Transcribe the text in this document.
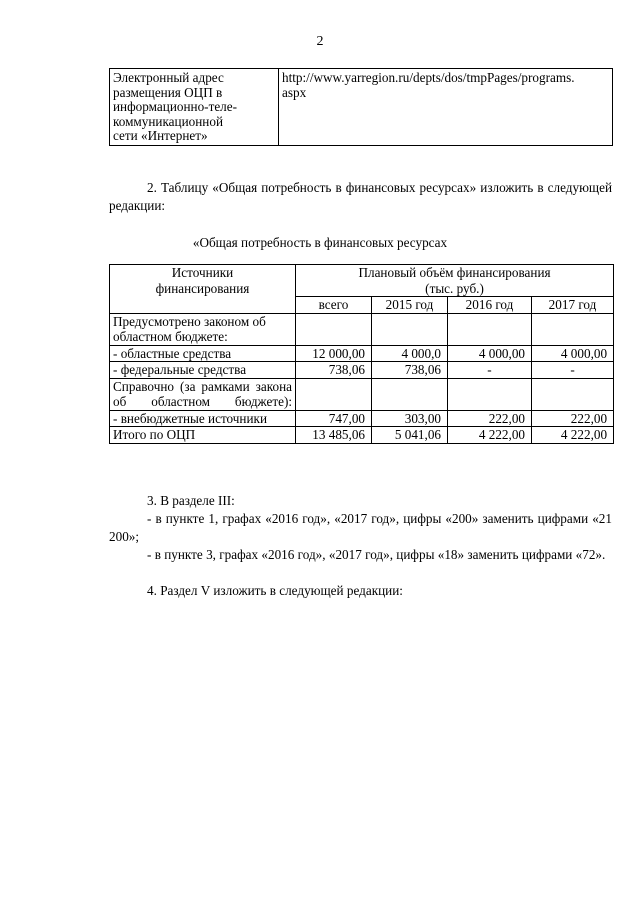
2
Электронный адрес
размещения ОЦП в
информационно-теле-
коммуникационной
сети «Интернет»	http://www.yarregion.ru/depts/dos/tmpPages/programs.
aspx
2. Таблицу «Общая потребность в финансовых ресурсах» изложить в следующей редакции:
«Общая потребность в финансовых ресурсах
Источники
финансирования	Плановый объём финансирования
(тыс. руб.)			
	всего	2015 год	2016 год	2017 год
Предусмотрено законом об областном бюджете:				
- областные средства	12 000,00	4 000,0	4 000,00	4 000,00
- федеральные средства	738,06	738,06	-	-
Справочно (за рамками закона об областном бюджете):				
- внебюджетные источники	747,00	303,00	222,00	222,00
Итого по ОЦП	13 485,06	5 041,06	4 222,00	4 222,00
3. В разделе III:
- в пункте 1, графах «2016 год», «2017 год», цифры «200» заменить цифрами «21 200»;
- в пункте 3, графах «2016 год», «2017 год», цифры «18» заменить цифрами «72».
4. Раздел V изложить в следующей редакции:
